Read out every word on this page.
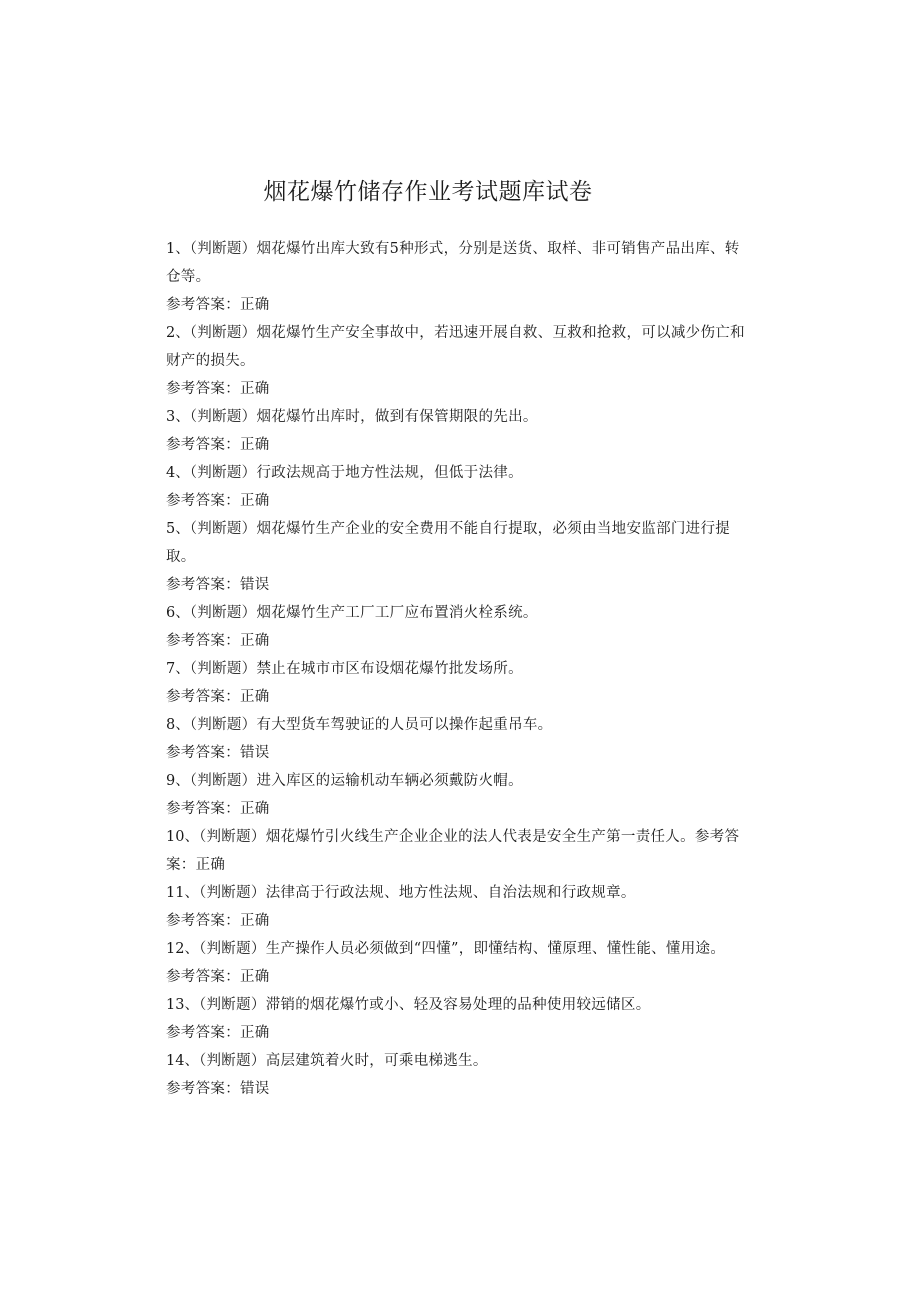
烟花爆竹储存作业考试题库试卷

1、（判断题）烟花爆竹出库大致有5种形式，分别是送货、取样、非可销售产品出库、转仓等。

参考答案：正确

2、（判断题）烟花爆竹生产安全事故中，若迅速开展自救、互救和抢救，可以减少伤亡和财产的损失。

参考答案：正确

3、（判断题）烟花爆竹出库时，做到有保管期限的先出。

参考答案：正确

4、（判断题）行政法规高于地方性法规，但低于法律。

参考答案：正确

5、（判断题）烟花爆竹生产企业的安全费用不能自行提取，必须由当地安监部门进行提取。

参考答案：错误

6、（判断题）烟花爆竹生产工厂工厂应布置消火栓系统。

参考答案：正确

7、（判断题）禁止在城市市区布设烟花爆竹批发场所。

参考答案：正确

8、（判断题）有大型货车驾驶证的人员可以操作起重吊车。

参考答案：错误

9、（判断题）进入库区的运输机动车辆必须戴防火帽。

参考答案：正确

10、（判断题）烟花爆竹引火线生产企业企业的法人代表是安全生产第一责任人。参考答案：正确

11、（判断题）法律高于行政法规、地方性法规、自治法规和行政规章。

参考答案：正确

12、（判断题）生产操作人员必须做到“四懂”，即懂结构、懂原理、懂性能、懂用途。

参考答案：正确

13、（判断题）滞销的烟花爆竹或小、轻及容易处理的品种使用较远储区。

参考答案：正确

14、（判断题）高层建筑着火时，可乘电梯逃生。

参考答案：错误
